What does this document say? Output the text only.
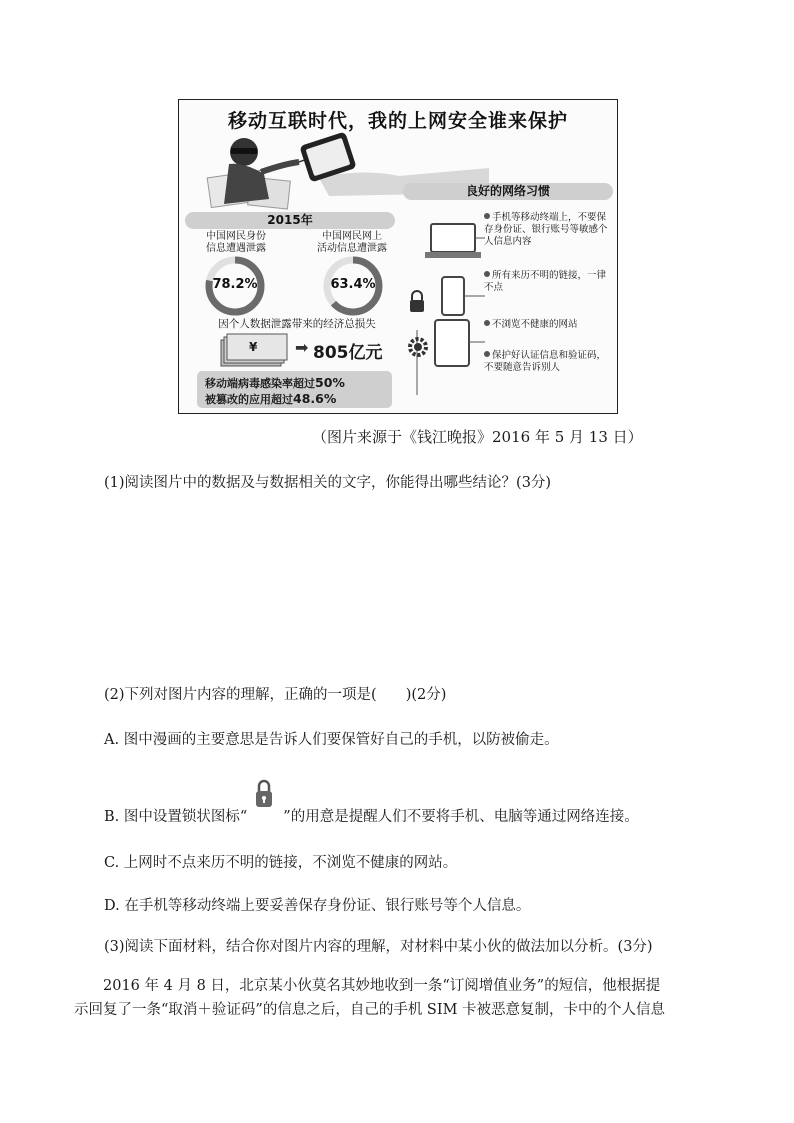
移动互联时代，我的上网安全谁来保护
2015年
中国网民身份
信息遭遇泄露
中国网民网上
活动信息遭泄露
78.2%	63.4%
因个人数据泄露带来的经济总损失
¥ ➡ 805亿元
移动端病毒感染率超过50%
被篡改的应用超过48.6%
良好的网络习惯
手机等移动终端上，不要保存身份证、银行账号等敏感个人信息内容
所有来历不明的链接，一律不点
不浏览不健康的网站
保护好认证信息和验证码，不要随意告诉别人
（图片来源于《钱江晚报》2016 年 5 月 13 日）
(1)阅读图片中的数据及与数据相关的文字，你能得出哪些结论？(3分)
(2)下列对图片内容的理解，正确的一项是(　　)(2分)
A. 图中漫画的主要意思是告诉人们要保管好自己的手机，以防被偷走。
B. 图中设置锁状图标“ ”的用意是提醒人们不要将手机、电脑等通过网络连接。
C. 上网时不点来历不明的链接，不浏览不健康的网站。
D. 在手机等移动终端上要妥善保存身份证、银行账号等个人信息。
(3)阅读下面材料，结合你对图片内容的理解，对材料中某小伙的做法加以分析。(3分)
2016 年 4 月 8 日，北京某小伙莫名其妙地收到一条“订阅增值业务”的短信，他根据提
示回复了一条“取消＋验证码”的信息之后，自己的手机 SIM 卡被恶意复制，卡中的个人信息
